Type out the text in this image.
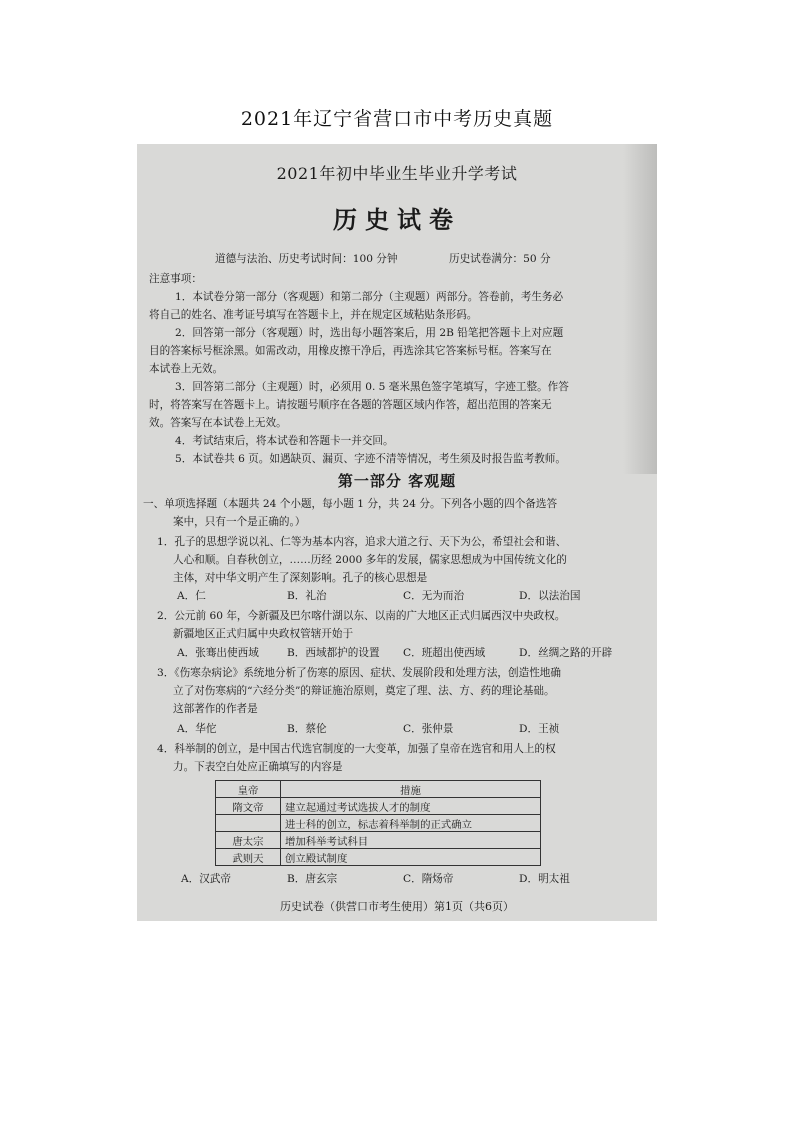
2021年辽宁省营口市中考历史真题
2021年初中毕业生毕业升学考试
历史试卷
道德与法治、历史考试时间：100 分钟	历史试卷满分：50 分
注意事项：
1．本试卷分第一部分（客观题）和第二部分（主观题）两部分。答卷前，考生务必
将自己的姓名、准考证号填写在答题卡上，并在规定区域粘贴条形码。
2．回答第一部分（客观题）时，选出每小题答案后，用 2B 铅笔把答题卡上对应题
目的答案标号框涂黑。如需改动，用橡皮擦干净后，再选涂其它答案标号框。答案写在
本试卷上无效。
3．回答第二部分（主观题）时，必须用 0. 5 毫米黑色签字笔填写，字迹工整。作答
时，将答案写在答题卡上。请按题号顺序在各题的答题区域内作答，超出范围的答案无
效。答案写在本试卷上无效。
4．考试结束后，将本试卷和答题卡一并交回。
5．本试卷共 6 页。如遇缺页、漏页、字迹不清等情况，考生须及时报告监考教师。
第一部分 客观题
一、单项选择题（本题共 24 个小题，每小题 1 分，共 24 分。下列各小题的四个备选答
案中，只有一个是正确的。）
1．孔子的思想学说以礼、仁等为基本内容，追求大道之行、天下为公，希望社会和谐、
人心和顺。自春秋创立，……历经 2000 多年的发展，儒家思想成为中国传统文化的
主体，对中华文明产生了深刻影响。孔子的核心思想是
A．仁	B．礼治	C．无为而治	D．以法治国
2．公元前 60 年，今新疆及巴尔喀什湖以东、以南的广大地区正式归属西汉中央政权。
新疆地区正式归属中央政权管辖开始于
A．张骞出使西域	B．西域都护的设置 C．班超出使西域	D．丝绸之路的开辟
3．《伤寒杂病论》系统地分析了伤寒的原因、症状、发展阶段和处理方法，创造性地确
立了对伤寒病的“六经分类”的辩证施治原则，奠定了理、法、方、药的理论基础。
这部著作的作者是
A．华佗	B．蔡伦	C．张仲景	D．王祯
4．科举制的创立，是中国古代选官制度的一大变革，加强了皇帝在选官和用人上的权
力。下表空白处应正确填写的内容是
皇帝	措施
隋文帝	建立起通过考试选拔人才的制度
	进士科的创立，标志着科举制的正式确立
唐太宗	增加科举考试科目
武则天	创立殿试制度
A．汉武帝	B．唐玄宗	C．隋炀帝	D．明太祖
历史试卷（供营口市考生使用）第1页（共6页）
